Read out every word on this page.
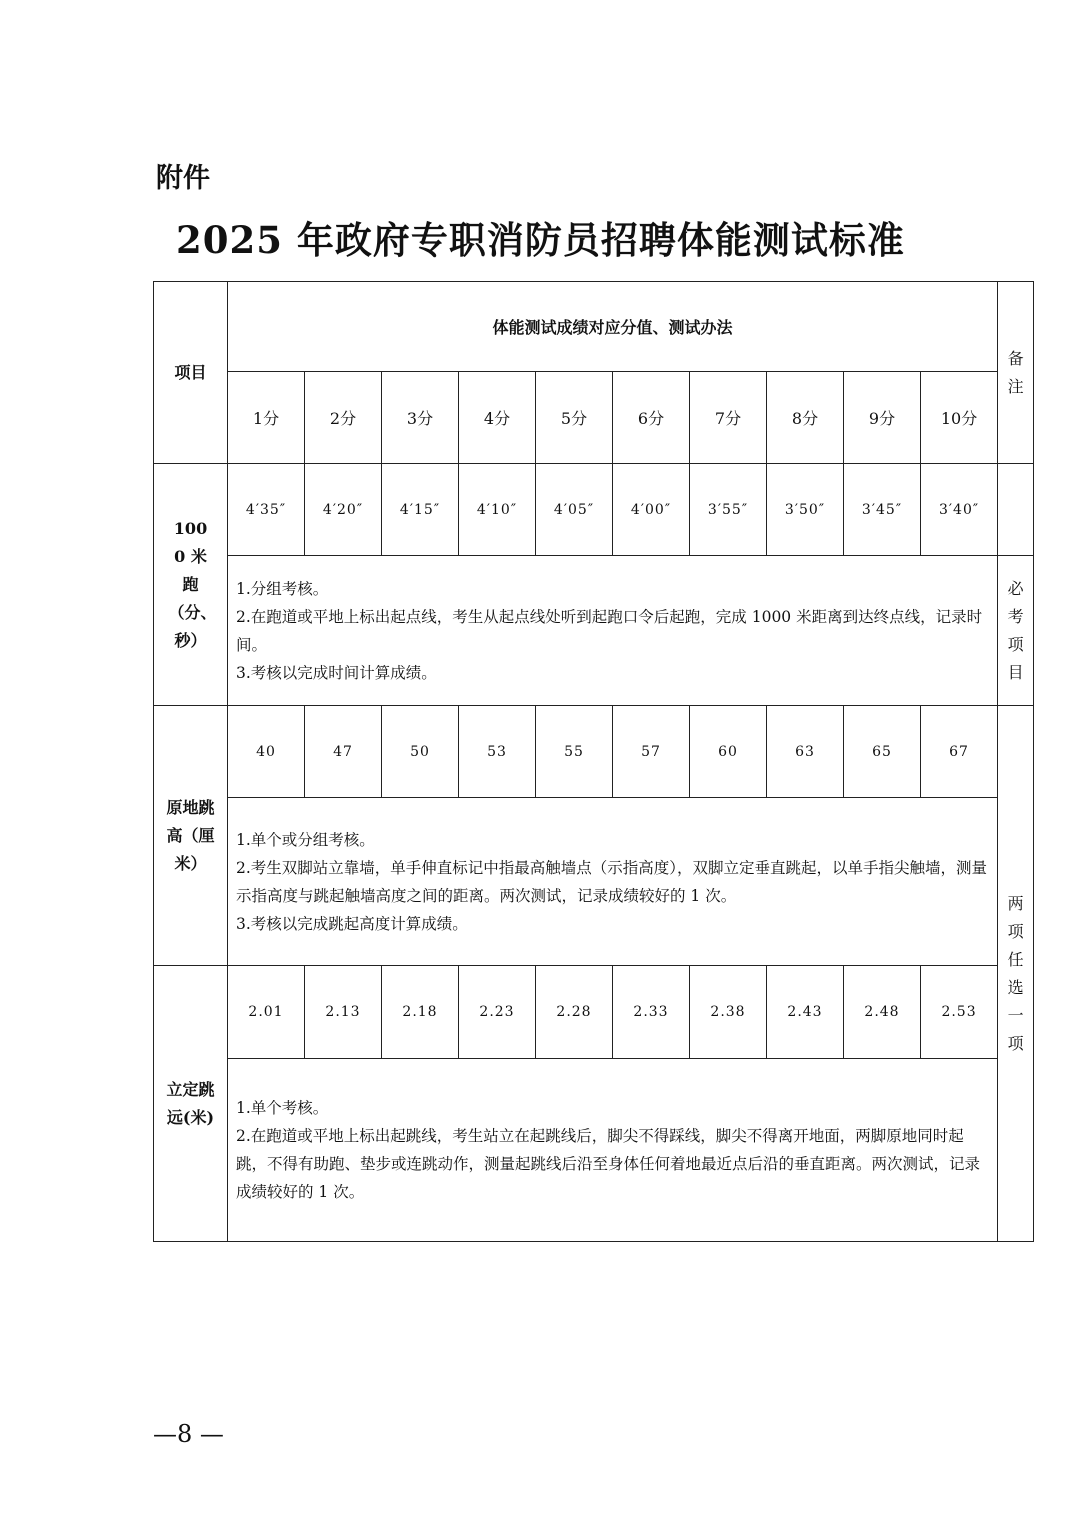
附件
2025 年政府专职消防员招聘体能测试标准
项目	体能测试成绩对应分值、测试办法										备注

	1分	2分	3分	4分	5分	6分	7分	8分	9分	10分	

1000 米跑（分、秒）	4′35″	4′20″	4′15″	4′10″	4′05″	4′00″	3′55″	3′50″	3′45″	3′40″	

	1.分组考核。
2.在跑道或平地上标出起点线，考生从起点线处听到起跑口令后起跑，完成 1000 米距离到达终点线，记录时间。
3.考核以完成时间计算成绩。										必考项目

原地跳高（厘米）	40	47	50	53	55	57	60	63	65	67	两项任选一项

	1.单个或分组考核。
2.考生双脚站立靠墙，单手伸直标记中指最高触墙点（示指高度），双脚立定垂直跳起，以单手指尖触墙，测量示指高度与跳起触墙高度之间的距离。两次测试，记录成绩较好的 1 次。
3.考核以完成跳起高度计算成绩。										

立定跳远(米)	2.01	2.13	2.18	2.23	2.28	2.33	2.38	2.43	2.48	2.53	

	1.单个考核。
2.在跑道或平地上标出起跳线，考生站立在起跳线后，脚尖不得踩线，脚尖不得离开地面，两脚原地同时起跳，不得有助跑、垫步或连跳动作，测量起跳线后沿至身体任何着地最近点后沿的垂直距离。两次测试，记录成绩较好的 1 次。										
—8 —
